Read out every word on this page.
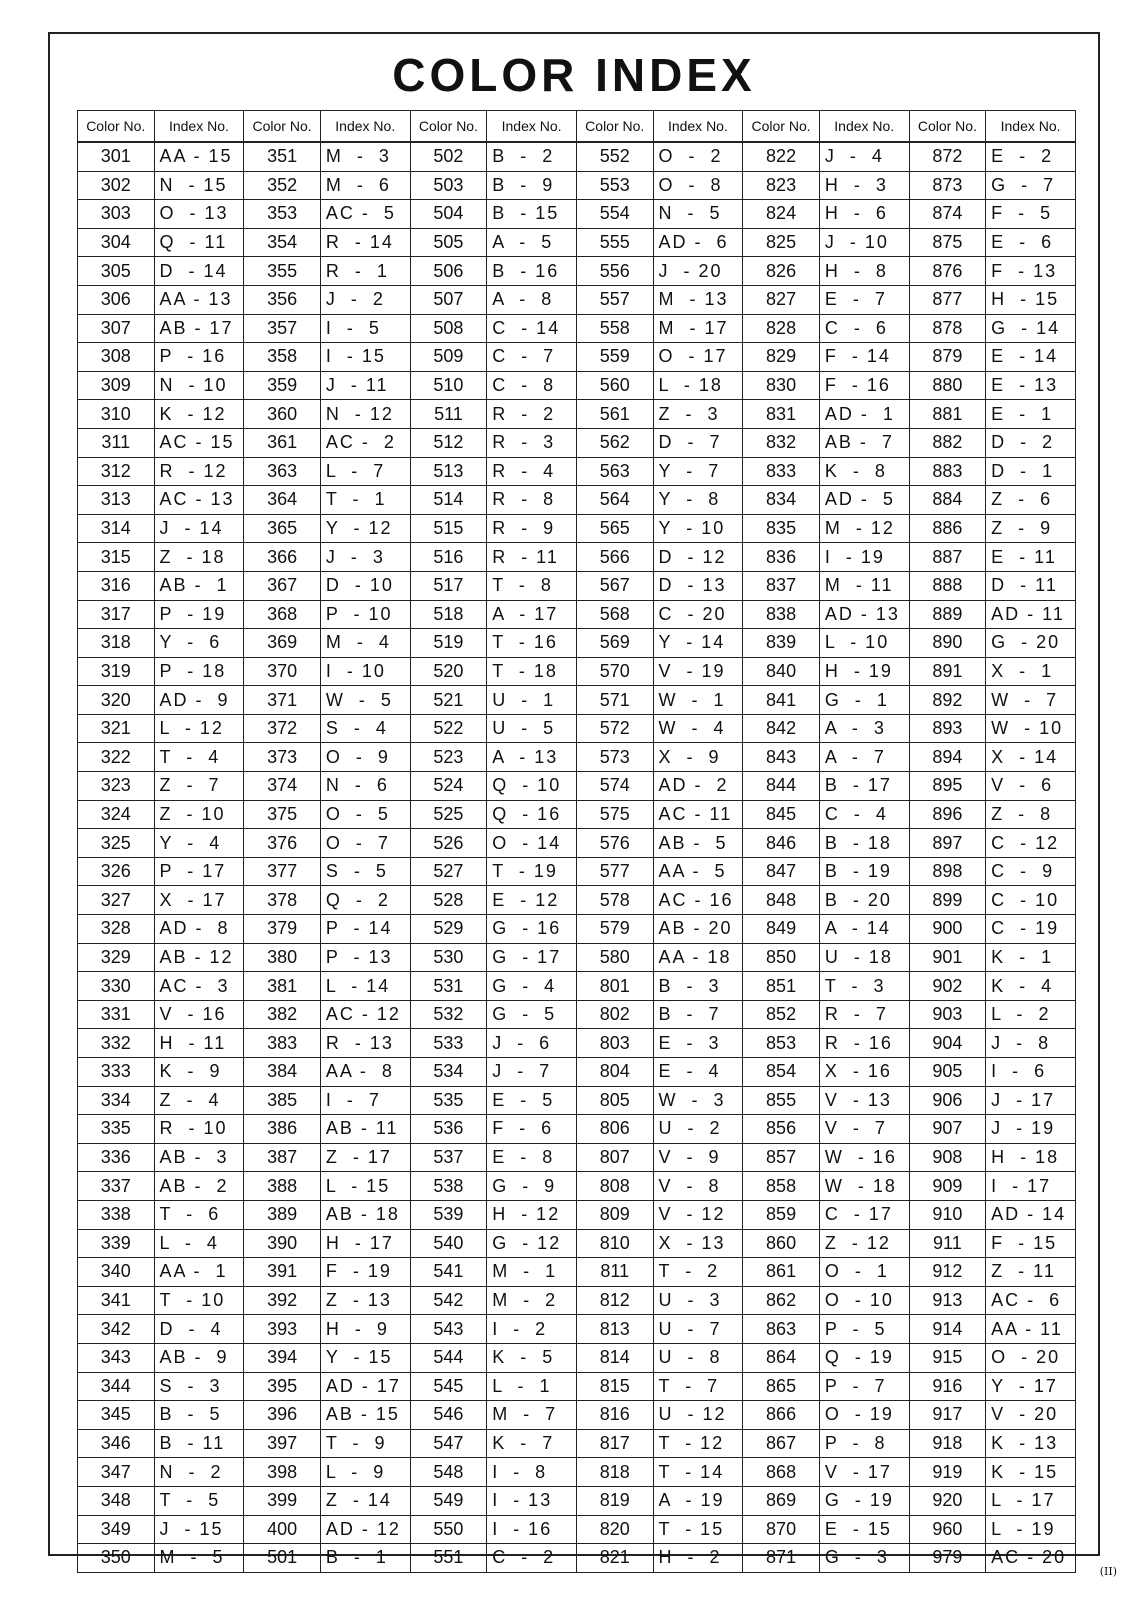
COLOR INDEX
Color No.	Index No.	Color No.	Index No.	Color No.	Index No.	Color No.	Index No.	Color No.	Index No.	Color No.	Index No.
301	AA - 15	351	M  -  3	502	B  -  2	552	O  -  2	822	J  -  4	872	E  -  2
302	N  - 15	352	M  -  6	503	B  -  9	553	O  -  8	823	H  -  3	873	G  -  7
303	O  - 13	353	AC -  5	504	B  - 15	554	N  -  5	824	H  -  6	874	F  -  5
304	Q  - 11	354	R  - 14	505	A  -  5	555	AD -  6	825	J  - 10	875	E  -  6
305	D  - 14	355	R  -  1	506	B  - 16	556	J  - 20	826	H  -  8	876	F  - 13
306	AA - 13	356	J  -  2	507	A  -  8	557	M  - 13	827	E  -  7	877	H  - 15
307	AB - 17	357	I  -  5	508	C  - 14	558	M  - 17	828	C  -  6	878	G  - 14
308	P  - 16	358	I  - 15	509	C  -  7	559	O  - 17	829	F  - 14	879	E  - 14
309	N  - 10	359	J  - 11	510	C  -  8	560	L  - 18	830	F  - 16	880	E  - 13
310	K  - 12	360	N  - 12	511	R  -  2	561	Z  -  3	831	AD -  1	881	E  -  1
311	AC - 15	361	AC -  2	512	R  -  3	562	D  -  7	832	AB -  7	882	D  -  2
312	R  - 12	363	L  -  7	513	R  -  4	563	Y  -  7	833	K  -  8	883	D  -  1
313	AC - 13	364	T  -  1	514	R  -  8	564	Y  -  8	834	AD -  5	884	Z  -  6
314	J  - 14	365	Y  - 12	515	R  -  9	565	Y  - 10	835	M  - 12	886	Z  -  9
315	Z  - 18	366	J  -  3	516	R  - 11	566	D  - 12	836	I  - 19	887	E  - 11
316	AB -  1	367	D  - 10	517	T  -  8	567	D  - 13	837	M  - 11	888	D  - 11
317	P  - 19	368	P  - 10	518	A  - 17	568	C  - 20	838	AD - 13	889	AD - 11
318	Y  -  6	369	M  -  4	519	T  - 16	569	Y  - 14	839	L  - 10	890	G  - 20
319	P  - 18	370	I  - 10	520	T  - 18	570	V  - 19	840	H  - 19	891	X  -  1
320	AD -  9	371	W  -  5	521	U  -  1	571	W  -  1	841	G  -  1	892	W  -  7
321	L  - 12	372	S  -  4	522	U  -  5	572	W  -  4	842	A  -  3	893	W  - 10
322	T  -  4	373	O  -  9	523	A  - 13	573	X  -  9	843	A  -  7	894	X  - 14
323	Z  -  7	374	N  -  6	524	Q  - 10	574	AD -  2	844	B  - 17	895	V  -  6
324	Z  - 10	375	O  -  5	525	Q  - 16	575	AC - 11	845	C  -  4	896	Z  -  8
325	Y  -  4	376	O  -  7	526	O  - 14	576	AB -  5	846	B  - 18	897	C  - 12
326	P  - 17	377	S  -  5	527	T  - 19	577	AA -  5	847	B  - 19	898	C  -  9
327	X  - 17	378	Q  -  2	528	E  - 12	578	AC - 16	848	B  - 20	899	C  - 10
328	AD -  8	379	P  - 14	529	G  - 16	579	AB - 20	849	A  - 14	900	C  - 19
329	AB - 12	380	P  - 13	530	G  - 17	580	AA - 18	850	U  - 18	901	K  -  1
330	AC -  3	381	L  - 14	531	G  -  4	801	B  -  3	851	T  -  3	902	K  -  4
331	V  - 16	382	AC - 12	532	G  -  5	802	B  -  7	852	R  -  7	903	L  -  2
332	H  - 11	383	R  - 13	533	J  -  6	803	E  -  3	853	R  - 16	904	J  -  8
333	K  -  9	384	AA -  8	534	J  -  7	804	E  -  4	854	X  - 16	905	I  -  6
334	Z  -  4	385	I  -  7	535	E  -  5	805	W  -  3	855	V  - 13	906	J  - 17
335	R  - 10	386	AB - 11	536	F  -  6	806	U  -  2	856	V  -  7	907	J  - 19
336	AB -  3	387	Z  - 17	537	E  -  8	807	V  -  9	857	W  - 16	908	H  - 18
337	AB -  2	388	L  - 15	538	G  -  9	808	V  -  8	858	W  - 18	909	I  - 17
338	T  -  6	389	AB - 18	539	H  - 12	809	V  - 12	859	C  - 17	910	AD - 14
339	L  -  4	390	H  - 17	540	G  - 12	810	X  - 13	860	Z  - 12	911	F  - 15
340	AA -  1	391	F  - 19	541	M  -  1	811	T  -  2	861	O  -  1	912	Z  - 11
341	T  - 10	392	Z  - 13	542	M  -  2	812	U  -  3	862	O  - 10	913	AC -  6
342	D  -  4	393	H  -  9	543	I  -  2	813	U  -  7	863	P  -  5	914	AA - 11
343	AB -  9	394	Y  - 15	544	K  -  5	814	U  -  8	864	Q  - 19	915	O  - 20
344	S  -  3	395	AD - 17	545	L  -  1	815	T  -  7	865	P  -  7	916	Y  - 17
345	B  -  5	396	AB - 15	546	M  -  7	816	U  - 12	866	O  - 19	917	V  - 20
346	B  - 11	397	T  -  9	547	K  -  7	817	T  - 12	867	P  -  8	918	K  - 13
347	N  -  2	398	L  -  9	548	I  -  8	818	T  - 14	868	V  - 17	919	K  - 15
348	T  -  5	399	Z  - 14	549	I  - 13	819	A  - 19	869	G  - 19	920	L  - 17
349	J  - 15	400	AD - 12	550	I  - 16	820	T  - 15	870	E  - 15	960	L  - 19
350	M  -  5	501	B  -  1	551	C  -  2	821	H  -  2	871	G  -  3	979	AC - 20
(II)
